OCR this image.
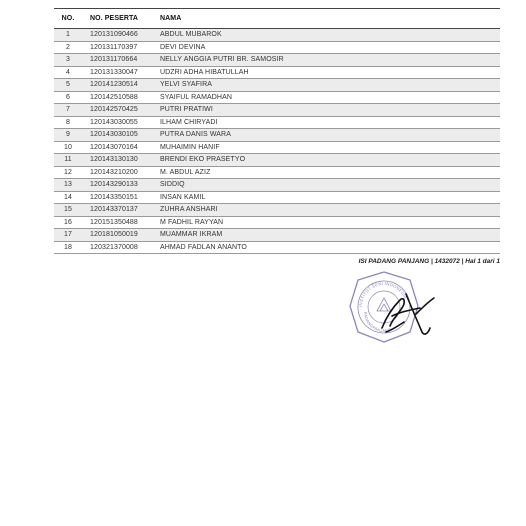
NO.	NO. PESERTA	NAMA
1	120131090466	ABDUL MUBAROK
2	120131170397	DEVI DEVINA
3	120131170664	NELLY ANGGIA PUTRI BR. SAMOSIR
4	120131330047	UDZRI ADHA HIBATULLAH
5	120141230514	YELVI SYAFIRA
6	120142510588	SYAIFUL RAMADHAN
7	120142570425	PUTRI PRATIWI
8	120143030055	ILHAM CHIRYADI
9	120143030105	PUTRA DANIS WARA
10	120143070164	MUHAIMIN HANIF
11	120143130130	BRENDI EKO PRASETYO
12	120143210200	M. ABDUL AZIZ
13	120143290133	SIDDIQ
14	120143350151	INSAN KAMIL
15	120143370137	ZUHRA ANSHARI
16	120151350488	M FADHIL RAYYAN
17	120181050019	MUAMMAR IKRAM
18	120321370008	AHMAD FADLAN ANANTO
ISI PADANG PANJANG | 1432072 | Hal 1 dari 1
INSTITUT SENI INDONESIA
PADANGPANJANG
